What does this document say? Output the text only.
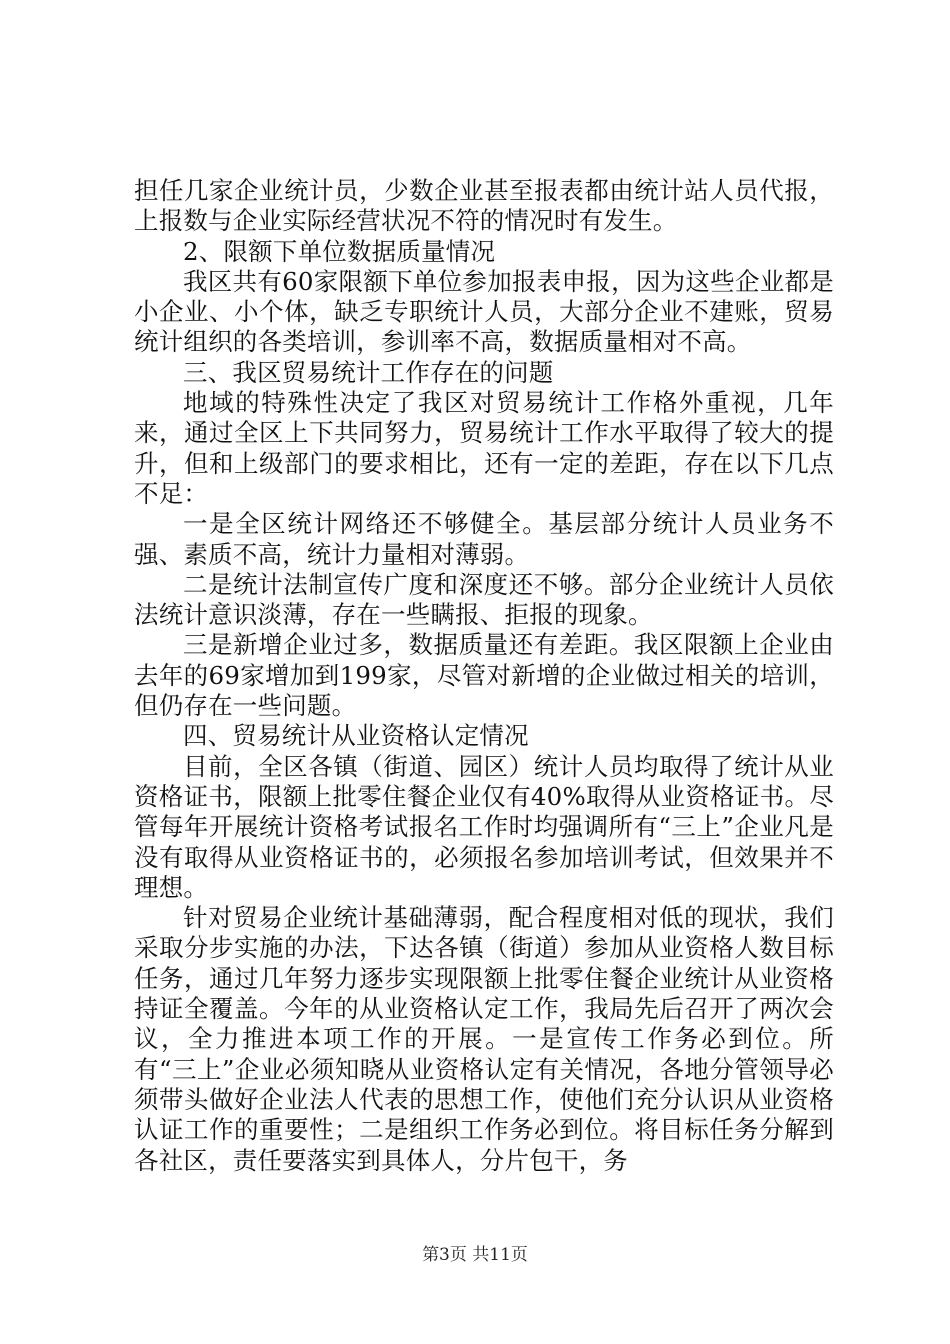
担任几家企业统计员，少数企业甚至报表都由统计站人员代报，上报数与企业实际经营状况不符的情况时有发生。

2、限额下单位数据质量情况

我区共有60家限额下单位参加报表申报，因为这些企业都是小企业、小个体，缺乏专职统计人员，大部分企业不建账，贸易统计组织的各类培训，参训率不高，数据质量相对不高。

三、我区贸易统计工作存在的问题

地域的特殊性决定了我区对贸易统计工作格外重视，几年来，通过全区上下共同努力，贸易统计工作水平取得了较大的提升，但和上级部门的要求相比，还有一定的差距，存在以下几点不足：

一是全区统计网络还不够健全。基层部分统计人员业务不强、素质不高，统计力量相对薄弱。

二是统计法制宣传广度和深度还不够。部分企业统计人员依法统计意识淡薄，存在一些瞒报、拒报的现象。

三是新增企业过多，数据质量还有差距。我区限额上企业由去年的69家增加到199家，尽管对新增的企业做过相关的培训，但仍存在一些问题。

四、贸易统计从业资格认定情况

目前，全区各镇（街道、园区）统计人员均取得了统计从业资格证书，限额上批零住餐企业仅有40%取得从业资格证书。尽管每年开展统计资格考试报名工作时均强调所有“三上”企业凡是没有取得从业资格证书的，必须报名参加培训考试，但效果并不理想。

针对贸易企业统计基础薄弱，配合程度相对低的现状，我们采取分步实施的办法，下达各镇（街道）参加从业资格人数目标任务，通过几年努力逐步实现限额上批零住餐企业统计从业资格持证全覆盖。今年的从业资格认定工作，我局先后召开了两次会议，全力推进本项工作的开展。一是宣传工作务必到位。所有“三上”企业必须知晓从业资格认定有关情况，各地分管领导必须带头做好企业法人代表的思想工作，使他们充分认识从业资格认证工作的重要性；二是组织工作务必到位。将目标任务分解到各社区，责任要落实到具体人，分片包干，务

第3页 共11页
